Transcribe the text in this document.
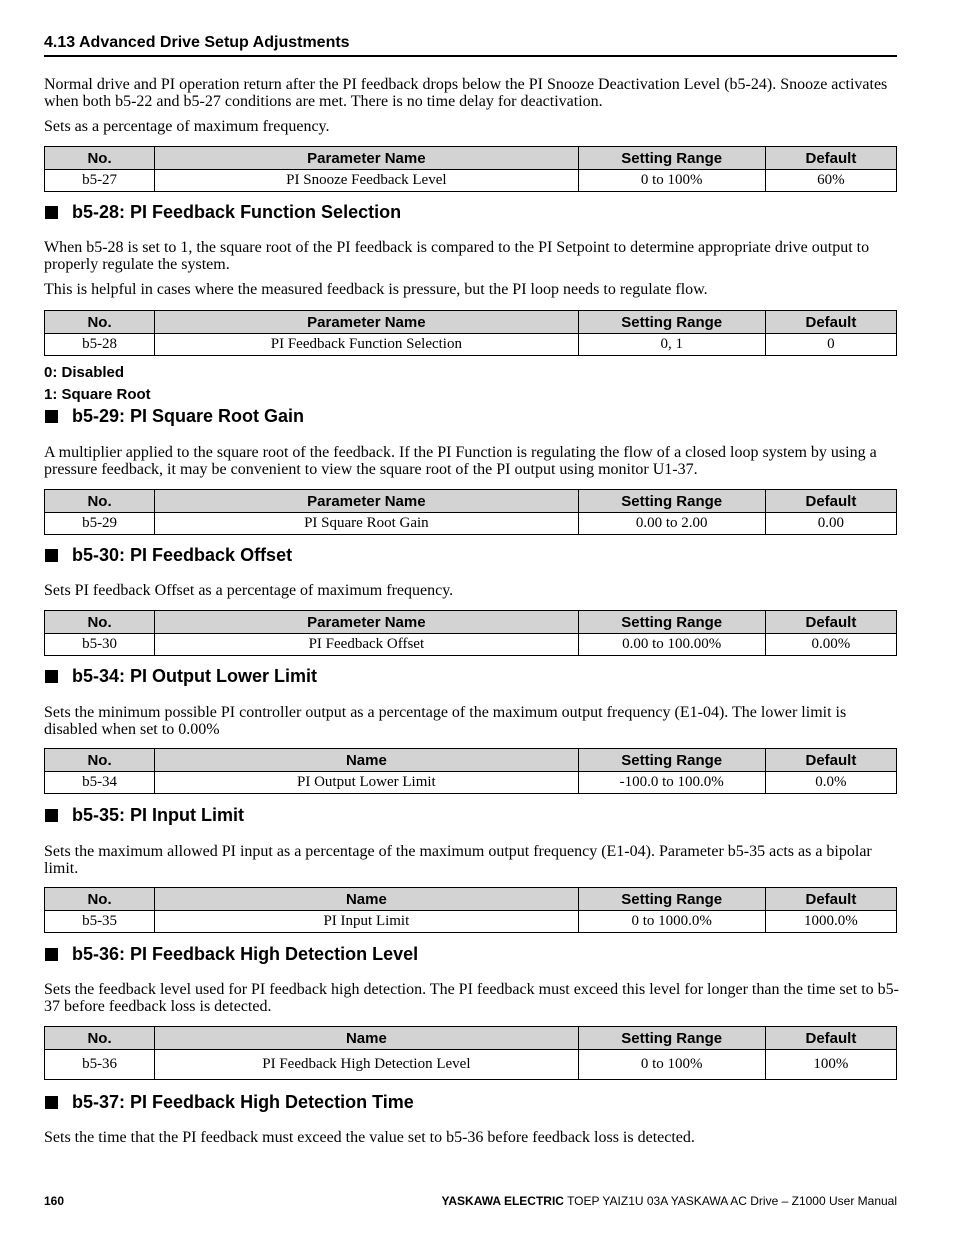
4.13 Advanced Drive Setup Adjustments

Normal drive and PI operation return after the PI feedback drops below the PI Snooze Deactivation Level (b5-24). Snooze activates when both b5-22 and b5-27 conditions are met. There is no time delay for deactivation.

Sets as a percentage of maximum frequency.

No.	Parameter Name	Setting Range	Default
b5-27	PI Snooze Feedback Level	0 to 100%	60%
b5-28: PI Feedback Function Selection

When b5-28 is set to 1, the square root of the PI feedback is compared to the PI Setpoint to determine appropriate drive output to properly regulate the system.

This is helpful in cases where the measured feedback is pressure, but the PI loop needs to regulate flow.

No.	Parameter Name	Setting Range	Default
b5-28	PI Feedback Function Selection	0, 1	0
0: Disabled
1: Square Root
b5-29: PI Square Root Gain

A multiplier applied to the square root of the feedback. If the PI Function is regulating the flow of a closed loop system by using a pressure feedback, it may be convenient to view the square root of the PI output using monitor U1-37.

No.	Parameter Name	Setting Range	Default
b5-29	PI Square Root Gain	0.00 to 2.00	0.00
b5-30: PI Feedback Offset

Sets PI feedback Offset as a percentage of maximum frequency.

No.	Parameter Name	Setting Range	Default
b5-30	PI Feedback Offset	0.00 to 100.00%	0.00%
b5-34: PI Output Lower Limit

Sets the minimum possible PI controller output as a percentage of the maximum output frequency (E1-04). The lower limit is disabled when set to 0.00%

No.	Name	Setting Range	Default
b5-34	PI Output Lower Limit	-100.0 to 100.0%	0.0%
b5-35: PI Input Limit

Sets the maximum allowed PI input as a percentage of the maximum output frequency (E1-04). Parameter b5-35 acts as a bipolar limit.

No.	Name	Setting Range	Default
b5-35	PI Input Limit	0 to 1000.0%	1000.0%
b5-36: PI Feedback High Detection Level

Sets the feedback level used for PI feedback high detection. The PI feedback must exceed this level for longer than the time set to b5-37 before feedback loss is detected.

No.	Name	Setting Range	Default
b5-36	PI Feedback High Detection Level	0 to 100%	100%
b5-37: PI Feedback High Detection Time

Sets the time that the PI feedback must exceed the value set to b5-36 before feedback loss is detected.

160	YASKAWA ELECTRIC TOEP YAIZ1U 03A YASKAWA AC Drive – Z1000 User Manual
